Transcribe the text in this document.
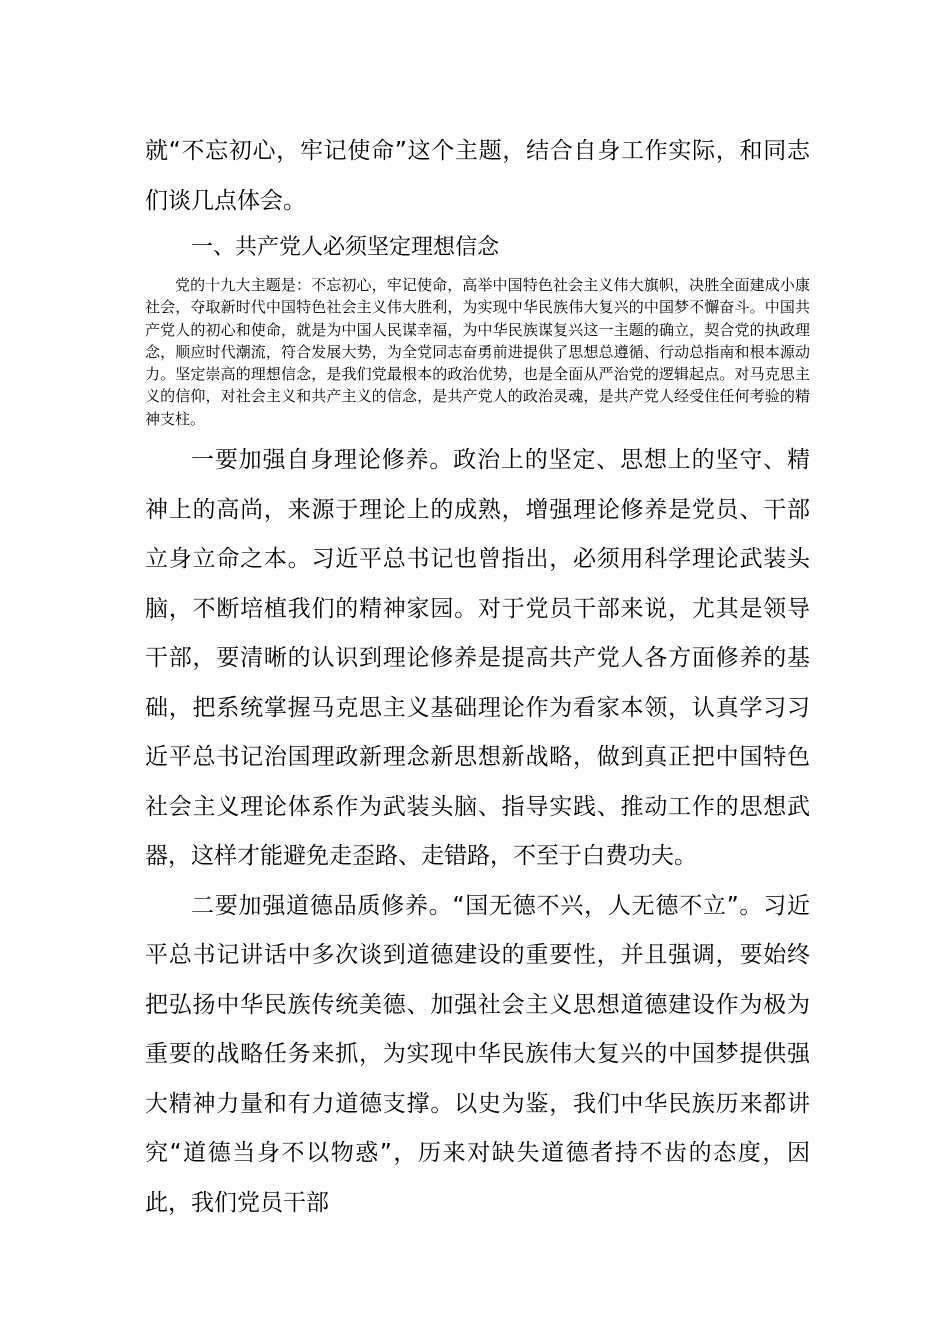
就“不忘初心，牢记使命”这个主题，结合自身工作实际，和同志们谈几点体会。

一、共产党人必须坚定理想信念

党的十九大主题是：不忘初心，牢记使命，高举中国特色社会主义伟大旗帜，决胜全面建成小康社会，夺取新时代中国特色社会主义伟大胜利，为实现中华民族伟大复兴的中国梦不懈奋斗。中国共产党人的初心和使命，就是为中国人民谋幸福，为中华民族谋复兴这一主题的确立，契合党的执政理念，顺应时代潮流，符合发展大势，为全党同志奋勇前进提供了思想总遵循、行动总指南和根本源动力。坚定崇高的理想信念，是我们党最根本的政治优势，也是全面从严治党的逻辑起点。对马克思主义的信仰，对社会主义和共产主义的信念，是共产党人的政治灵魂，是共产党人经受住任何考验的精神支柱。

一要加强自身理论修养。政治上的坚定、思想上的坚守、精神上的高尚，来源于理论上的成熟，增强理论修养是党员、干部立身立命之本。习近平总书记也曾指出，必须用科学理论武装头脑，不断培植我们的精神家园。对于党员干部来说，尤其是领导干部，要清晰的认识到理论修养是提高共产党人各方面修养的基础，把系统掌握马克思主义基础理论作为看家本领，认真学习习近平总书记治国理政新理念新思想新战略，做到真正把中国特色社会主义理论体系作为武装头脑、指导实践、推动工作的思想武器，这样才能避免走歪路、走错路，不至于白费功夫。

二要加强道德品质修养。“国无德不兴，人无德不立”。习近平总书记讲话中多次谈到道德建设的重要性，并且强调，要始终把弘扬中华民族传统美德、加强社会主义思想道德建设作为极为重要的战略任务来抓，为实现中华民族伟大复兴的中国梦提供强大精神力量和有力道德支撑。以史为鉴，我们中华民族历来都讲究“道德当身不以物惑”，历来对缺失道德者持不齿的态度，因此，我们党员干部
